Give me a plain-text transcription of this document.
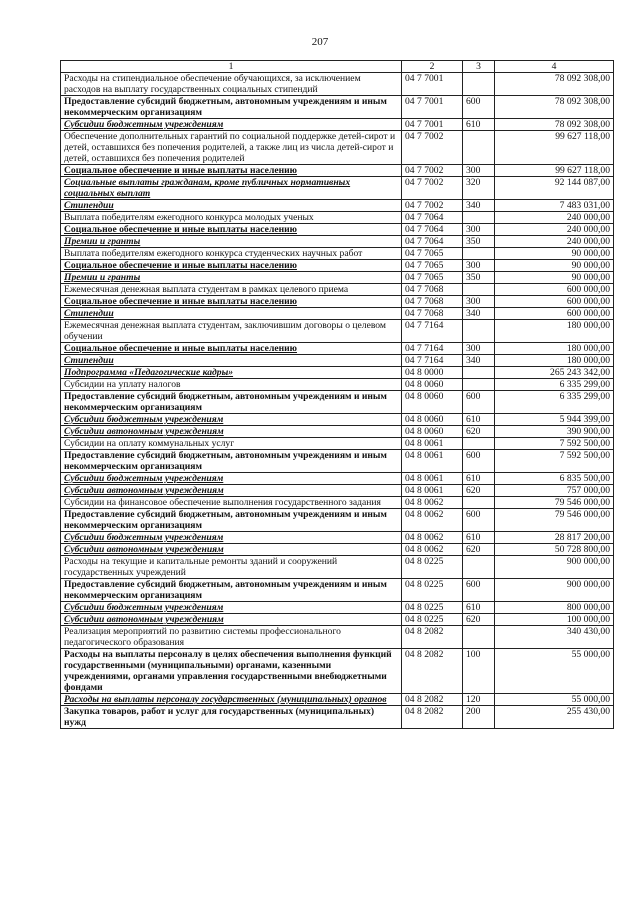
207
1	2	3	4
Расходы на стипендиальное обеспечение обучающихся, за исключением расходов на выплату государственных социальных стипендий	04 7 7001		78 092 308,00
Предоставление субсидий бюджетным, автономным учреждениям и иным некоммерческим организациям	04 7 7001	600	78 092 308,00
Субсидии бюджетным учреждениям	04 7 7001	610	78 092 308,00
Обеспечение дополнительных гарантий по социальной поддержке детей-сирот и детей, оставшихся без попечения родителей, а также лиц из числа детей-сирот и детей, оставшихся без попечения родителей	04 7 7002		99 627 118,00
Социальное обеспечение и иные выплаты населению	04 7 7002	300	99 627 118,00
Социальные выплаты гражданам, кроме публичных нормативных социальных выплат	04 7 7002	320	92 144 087,00
Стипендии	04 7 7002	340	7 483 031,00
Выплата победителям ежегодного конкурса молодых ученых	04 7 7064		240 000,00
Социальное обеспечение и иные выплаты населению	04 7 7064	300	240 000,00
Премии и гранты	04 7 7064	350	240 000,00
Выплата победителям ежегодного конкурса студенческих научных работ	04 7 7065		90 000,00
Социальное обеспечение и иные выплаты населению	04 7 7065	300	90 000,00
Премии и гранты	04 7 7065	350	90 000,00
Ежемесячная денежная выплата студентам в рамках целевого приема	04 7 7068		600 000,00
Социальное обеспечение и иные выплаты населению	04 7 7068	300	600 000,00
Стипендии	04 7 7068	340	600 000,00
Ежемесячная денежная выплата студентам, заключившим договоры о целевом обучении	04 7 7164		180 000,00
Социальное обеспечение и иные выплаты населению	04 7 7164	300	180 000,00
Стипендии	04 7 7164	340	180 000,00
Подпрограмма «Педагогические кадры»	04 8 0000		265 243 342,00
Субсидии на уплату налогов	04 8 0060		6 335 299,00
Предоставление субсидий бюджетным, автономным учреждениям и иным некоммерческим организациям	04 8 0060	600	6 335 299,00
Субсидии бюджетным учреждениям	04 8 0060	610	5 944 399,00
Субсидии автономным учреждениям	04 8 0060	620	390 900,00
Субсидии на оплату коммунальных услуг	04 8 0061		7 592 500,00
Предоставление субсидий бюджетным, автономным учреждениям и иным некоммерческим организациям	04 8 0061	600	7 592 500,00
Субсидии бюджетным учреждениям	04 8 0061	610	6 835 500,00
Субсидии автономным учреждениям	04 8 0061	620	757 000,00
Субсидии на финансовое обеспечение выполнения государственного задания	04 8 0062		79 546 000,00
Предоставление субсидий бюджетным, автономным учреждениям и иным некоммерческим организациям	04 8 0062	600	79 546 000,00
Субсидии бюджетным учреждениям	04 8 0062	610	28 817 200,00
Субсидии автономным учреждениям	04 8 0062	620	50 728 800,00
Расходы на текущие и капитальные ремонты зданий и сооружений государственных учреждений	04 8 0225		900 000,00
Предоставление субсидий бюджетным, автономным учреждениям и иным некоммерческим организациям	04 8 0225	600	900 000,00
Субсидии бюджетным учреждениям	04 8 0225	610	800 000,00
Субсидии автономным учреждениям	04 8 0225	620	100 000,00
Реализация мероприятий по развитию системы профессионального педагогического образования	04 8 2082		340 430,00
Расходы на выплаты персоналу в целях обеспечения выполнения функций государственными (муниципальными) органами, казенными учреждениями, органами управления государственными внебюджетными фондами	04 8 2082	100	55 000,00
Расходы на выплаты персоналу государственных (муниципальных) органов	04 8 2082	120	55 000,00
Закупка товаров, работ и услуг для государственных (муниципальных) нужд	04 8 2082	200	255 430,00
